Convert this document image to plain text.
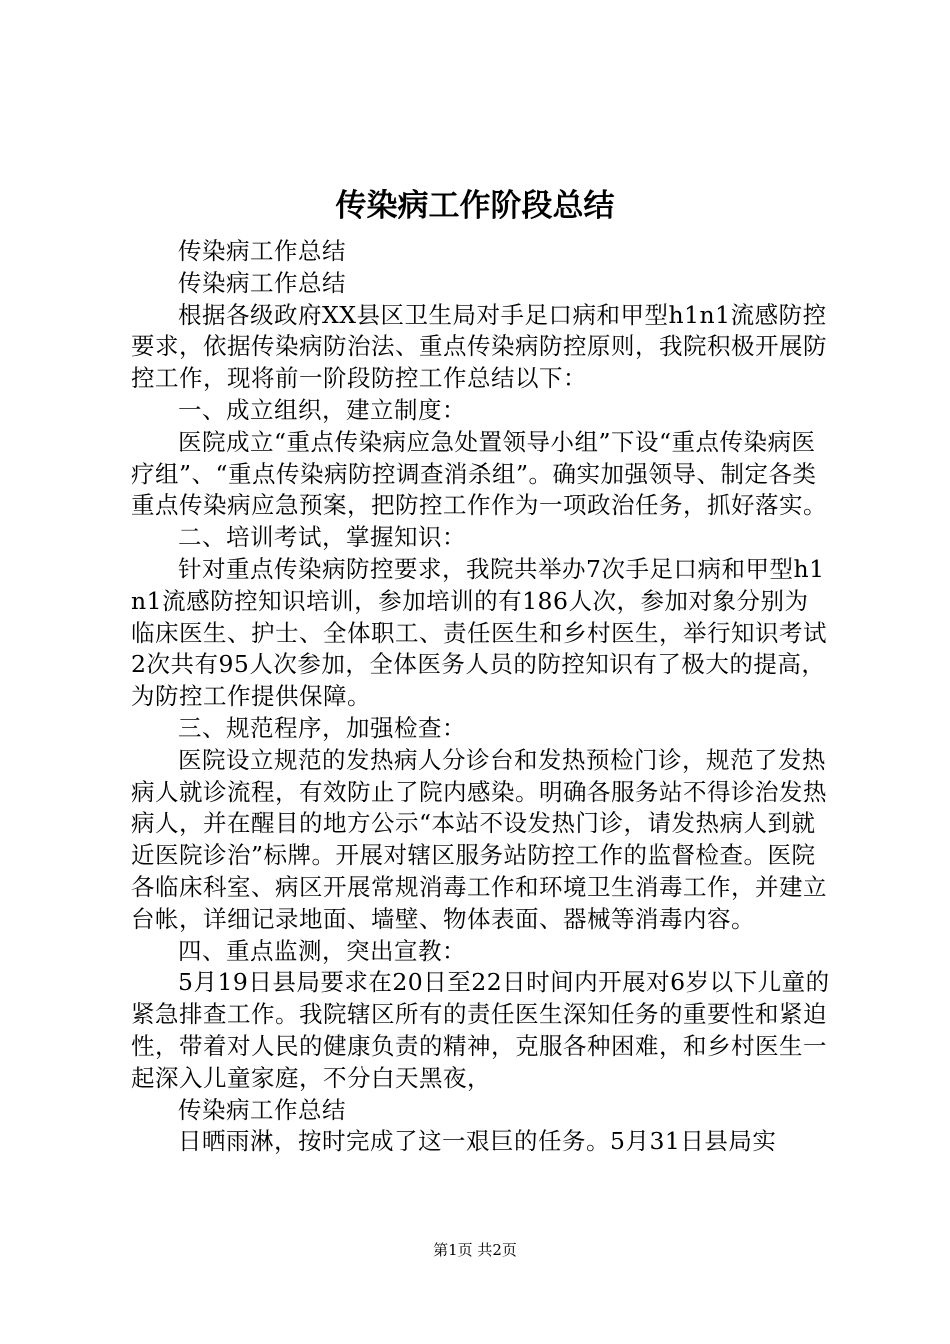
传染病工作阶段总结

传染病工作总结

传染病工作总结

根据各级政府XX县区卫生局对手足口病和甲型h1n1流感防控要求，依据传染病防治法、重点传染病防控原则，我院积极开展防控工作，现将前一阶段防控工作总结以下：

一、成立组织，建立制度：

医院成立“重点传染病应急处置领导小组”下设“重点传染病医疗组”、“重点传染病防控调查消杀组”。确实加强领导、制定各类重点传染病应急预案，把防控工作作为一项政治任务，抓好落实。

二、培训考试，掌握知识：

针对重点传染病防控要求，我院共举办7次手足口病和甲型h1n1流感防控知识培训，参加培训的有186人次，参加对象分别为临床医生、护士、全体职工、责任医生和乡村医生，举行知识考试2次共有95人次参加，全体医务人员的防控知识有了极大的提高，为防控工作提供保障。

三、规范程序，加强检查：

医院设立规范的发热病人分诊台和发热预检门诊，规范了发热病人就诊流程，有效防止了院内感染。明确各服务站不得诊治发热病人，并在醒目的地方公示“本站不设发热门诊，请发热病人到就近医院诊治”标牌。开展对辖区服务站防控工作的监督检查。医院各临床科室、病区开展常规消毒工作和环境卫生消毒工作，并建立台帐，详细记录地面、墙壁、物体表面、器械等消毒内容。

四、重点监测，突出宣教：

5月19日县局要求在20日至22日时间内开展对6岁以下儿童的紧急排查工作。我院辖区所有的责任医生深知任务的重要性和紧迫性，带着对人民的健康负责的精神，克服各种困难，和乡村医生一起深入儿童家庭，不分白天黑夜，

传染病工作总结

日晒雨淋，按时完成了这一艰巨的任务。5月31日县局实

第1页 共2页
